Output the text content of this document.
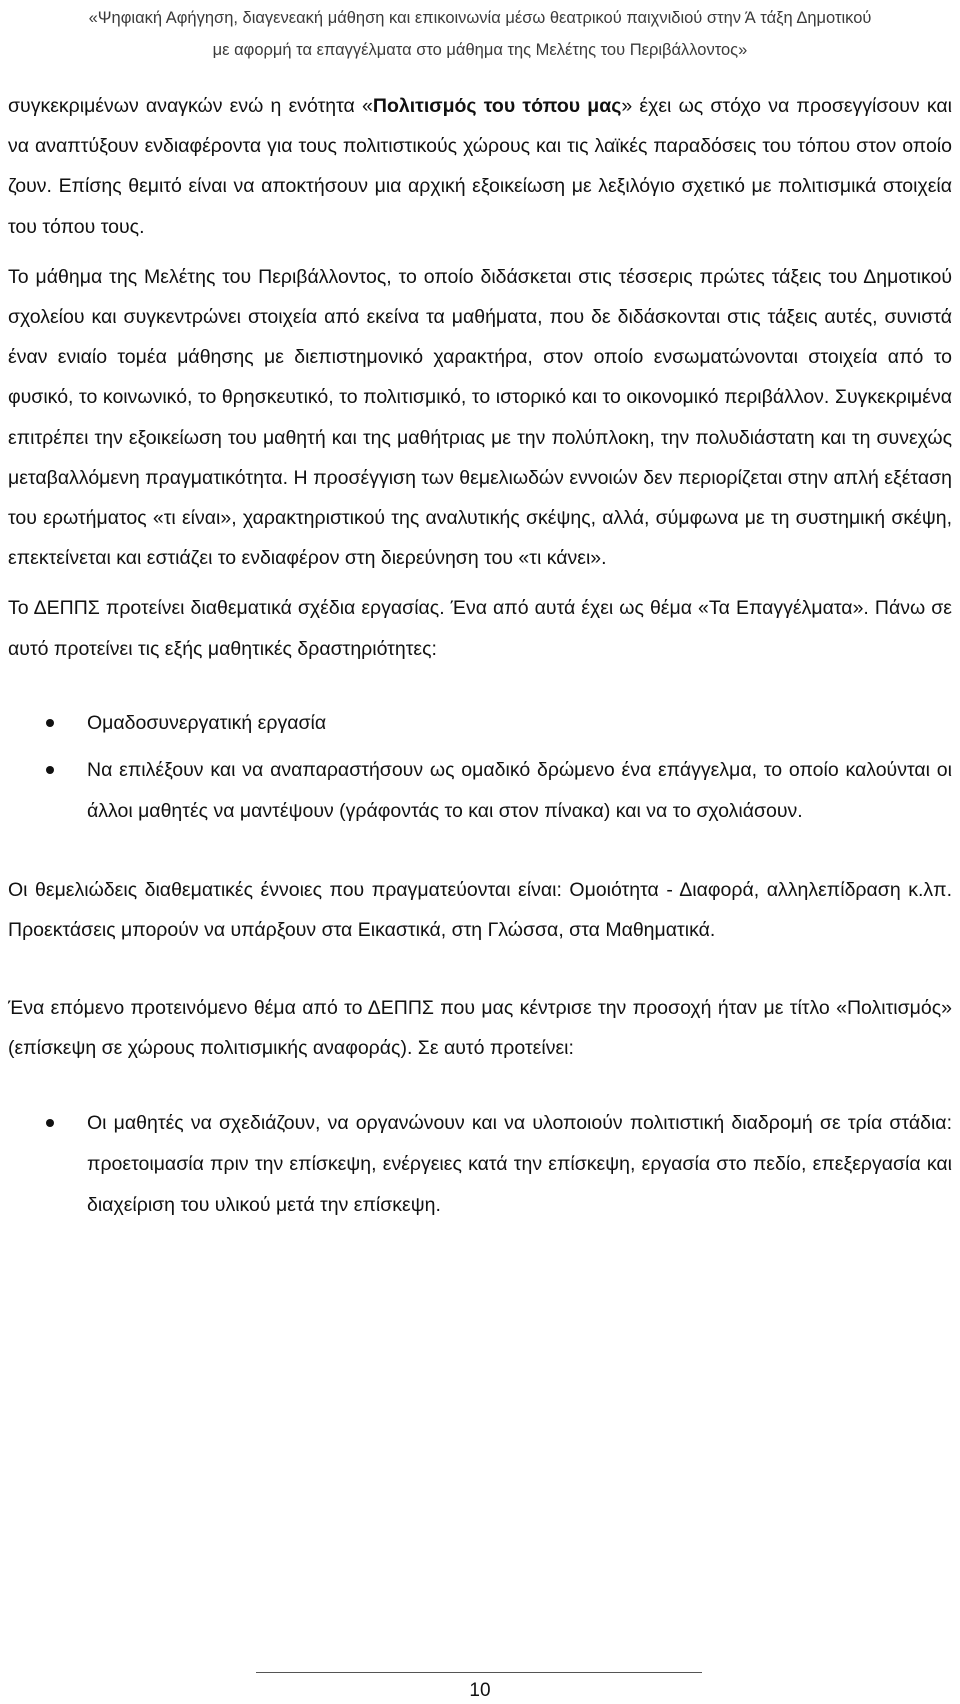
«Ψηφιακή Αφήγηση, διαγενεακή μάθηση και επικοινωνία μέσω θεατρικού παιχνιδιού στην Ά τάξη Δημοτικού
με αφορμή τα επαγγέλματα στο μάθημα της Μελέτης του Περιβάλλοντος»

συγκεκριμένων αναγκών ενώ η ενότητα «Πολιτισμός του τόπου μας» έχει ως στόχο να προσεγγίσουν και να αναπτύξουν ενδιαφέροντα για τους πολιτιστικούς χώρους και τις λαϊκές παραδόσεις του τόπου στον οποίο ζουν. Επίσης θεμιτό είναι να αποκτήσουν μια αρχική εξοικείωση με λεξιλόγιο σχετικό με πολιτισμικά στοιχεία του τόπου τους.

Το μάθημα της Μελέτης του Περιβάλλοντος, το οποίο διδάσκεται στις τέσσερις πρώτες τάξεις του Δημοτικού σχολείου και συγκεντρώνει στοιχεία από εκείνα τα μαθήματα, που δε διδάσκονται στις τάξεις αυτές, συνιστά έναν ενιαίο τομέα μάθησης με διεπιστημονικό χαρακτήρα, στον οποίο ενσωματώνονται στοιχεία από το φυσικό, το κοινωνικό, το θρησκευτικό, το πολιτισμικό, το ιστορικό και το οικονομικό περιβάλλον. Συγκεκριμένα επιτρέπει την εξοικείωση του μαθητή και της μαθήτριας με την πολύπλοκη, την πολυδιάστατη και τη συνεχώς μεταβαλλόμενη πραγματικότητα. Η προσέγγιση των θεμελιωδών εννοιών δεν περιορίζεται στην απλή εξέταση του ερωτήματος «τι είναι», χαρακτηριστικού της αναλυτικής σκέψης, αλλά, σύμφωνα με τη συστημική σκέψη, επεκτείνεται και εστιάζει το ενδιαφέρον στη διερεύνηση του «τι κάνει».

Το ΔΕΠΠΣ προτείνει διαθεματικά σχέδια εργασίας. Ένα από αυτά έχει ως θέμα «Τα Επαγγέλματα». Πάνω σε αυτό προτείνει τις εξής μαθητικές δραστηριότητες:

Ομαδοσυνεργατική εργασία
Να επιλέξουν και να αναπαραστήσουν ως ομαδικό δρώμενο ένα επάγγελμα, το οποίο καλούνται οι άλλοι μαθητές να μαντέψουν (γράφοντάς το και στον πίνακα) και να το σχολιάσουν.

Οι θεμελιώδεις διαθεματικές έννοιες που πραγματεύονται είναι: Ομοιότητα - Διαφορά, αλληλεπίδραση κ.λπ. Προεκτάσεις μπορούν να υπάρξουν στα Εικαστικά, στη Γλώσσα, στα Μαθηματικά.

Ένα επόμενο προτεινόμενο θέμα από το ΔΕΠΠΣ που μας κέντρισε την προσοχή ήταν με τίτλο «Πολιτισμός» (επίσκεψη σε χώρους πολιτισμικής αναφοράς). Σε αυτό προτείνει:

Οι μαθητές να σχεδιάζουν, να οργανώνουν και να υλοποιούν πολιτιστική διαδρομή σε τρία στάδια: προετοιμασία πριν την επίσκεψη, ενέργειες κατά την επίσκεψη, εργασία στο πεδίο, επεξεργασία και διαχείριση του υλικού μετά την επίσκεψη.
10
